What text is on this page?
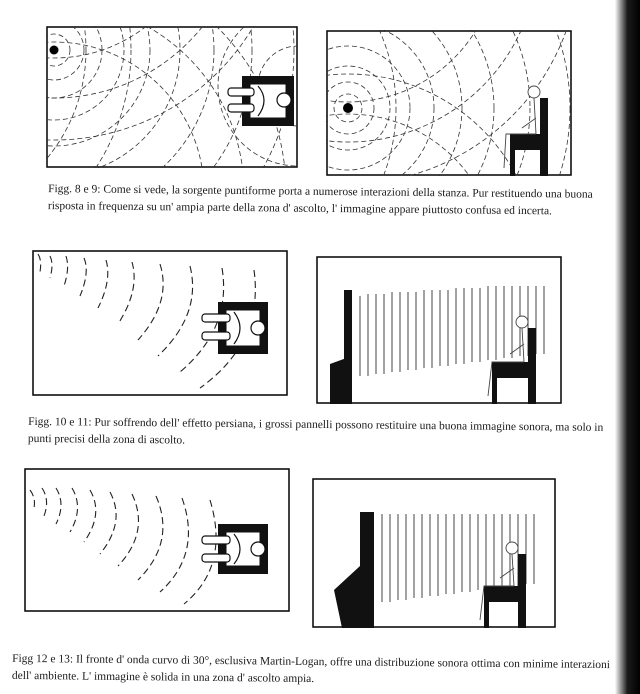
Figg. 8 e 9: Come si vede, la sorgente puntiforme porta a numerose interazioni della stanza. Pur restituendo una buona risposta in frequenza su un' ampia parte della zona d' ascolto, l' immagine appare piuttosto confusa ed incerta.

Figg. 10 e 11: Pur soffrendo dell' effetto persiana, i grossi pannelli possono restituire una buona immagine sonora, ma solo in punti precisi della zona di ascolto.

Figg 12 e 13: Il fronte d' onda curvo di 30°, esclusiva Martin-Logan, offre una distribuzione sonora ottima con minime interazioni dell' ambiente. L' immagine è solida in una zona d' ascolto ampia.
